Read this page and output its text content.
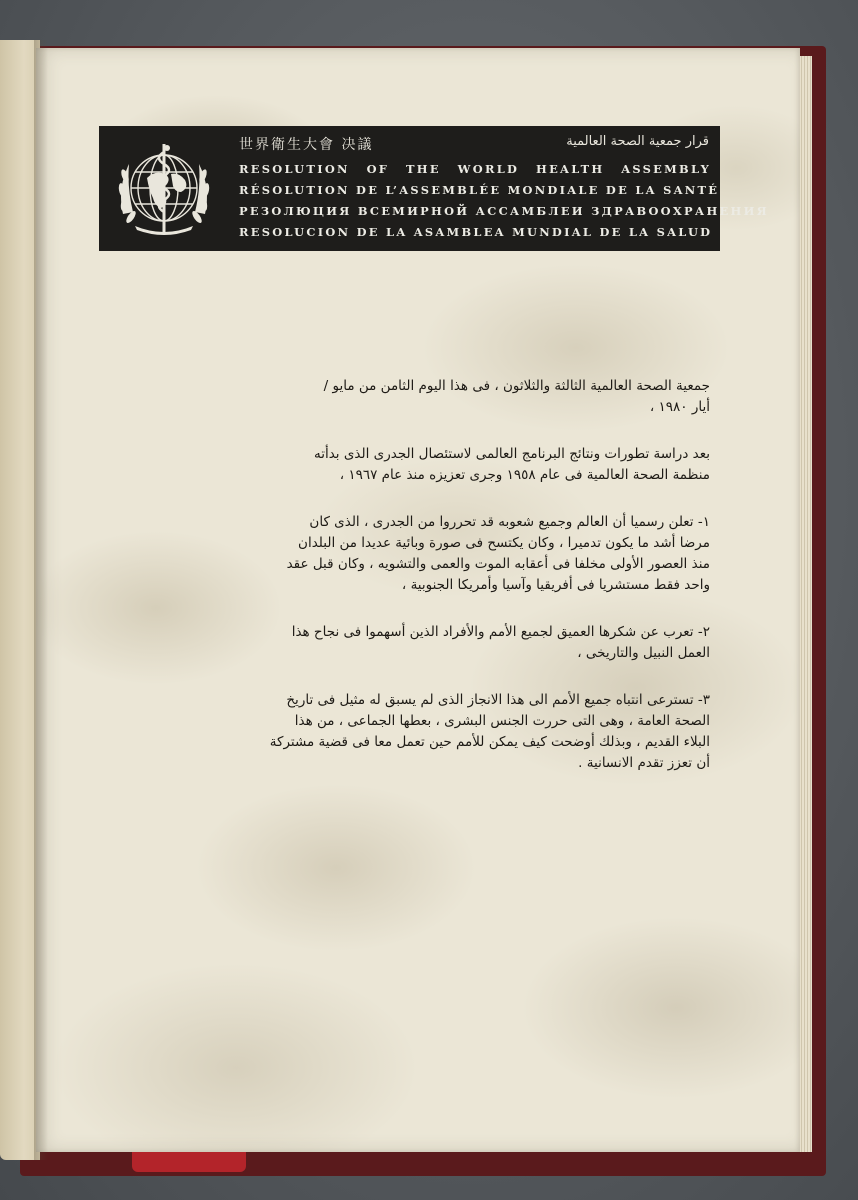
世界衛生大會 决議	قرار جمعية الصحة العالمية
RESOLUTION OF THE WORLD HEALTH ASSEMBLY
RÉSOLUTION DE L’ASSEMBLÉE MONDIALE DE LA SANTÉ
РЕЗОЛЮЦИЯ ВСЕМИРНОЙ АССАМБЛЕИ ЗДРАВООХРАНЕНИЯ
RESOLUCION DE LA ASAMBLEA MUNDIAL DE LA SALUD

جمعية الصحة العالمية الثالثة والثلاثون ، فى هذا اليوم الثامن من مايو /
أيار ١٩٨٠ ،

بعد دراسة تطورات ونتائج البرنامج العالمى لاستئصال الجدرى الذى بدأته
منظمة الصحة العالمية فى عام ١٩٥٨ وجرى تعزيزه منذ عام ١٩٦٧ ،

١- تعلن رسميا أن العالم وجميع شعوبه قد تحرروا من الجدرى ، الذى كان
مرضا أشد ما يكون تدميرا ، وكان يكتسح فى صورة وبائية عديدا من البلدان
منذ العصور الأولى مخلفا فى أعقابه الموت والعمى والتشويه ، وكان قبل عقد
واحد فقط مستشريا فى أفريقيا وآسيا وأمريكا الجنوبية ،

٢- تعرب عن شكرها العميق لجميع الأمم والأفراد الذين أسهموا فى نجاح هذا
العمل النبيل والتاريخى ،

٣- تسترعى انتباه جميع الأمم الى هذا الانجاز الذى لم يسبق له مثيل فى تاريخ
الصحة العامة ، وهى التى حررت الجنس البشرى ، بعطها الجماعى ، من هذا
البلاء القديم ، وبذلك أوضحت كيف يمكن للأمم حين تعمل معا فى قضية مشتركة
أن تعزز تقدم الانسانية .
